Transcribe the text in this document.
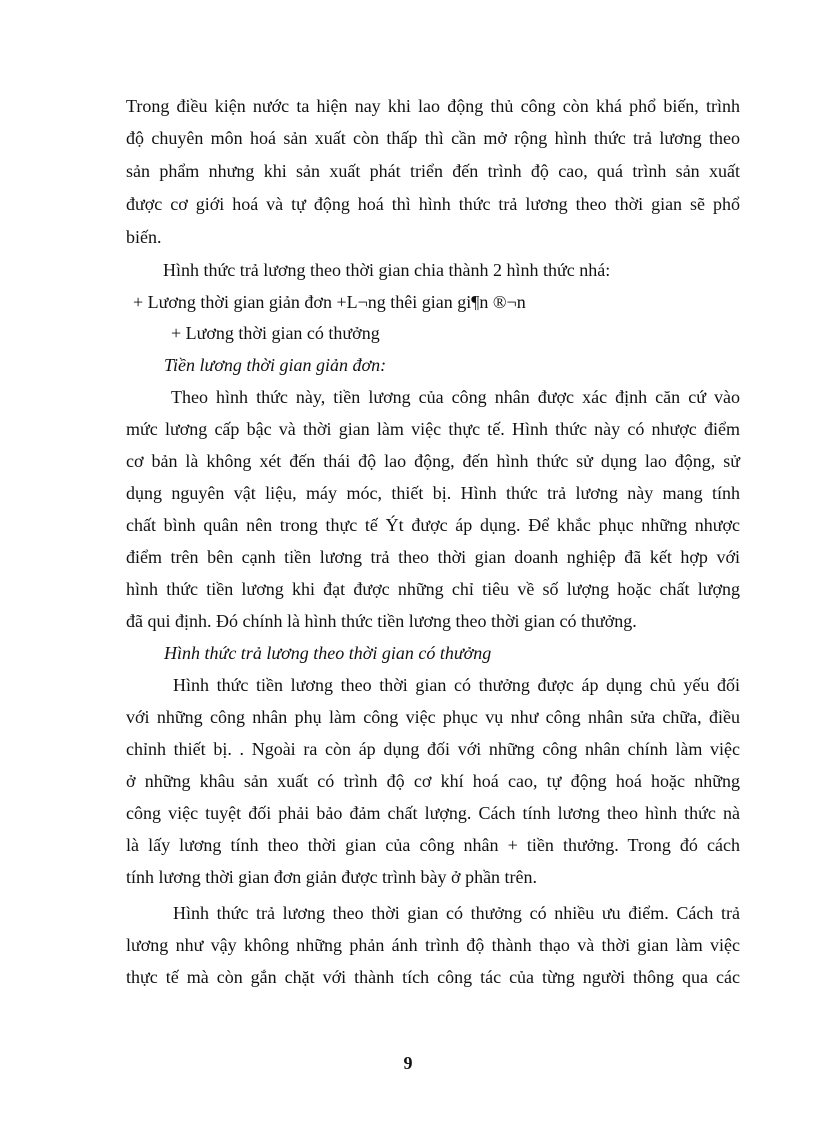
Trong điều kiện nước ta hiện nay khi lao động thủ công còn khá phổ biến, trình
độ chuyên môn hoá sản xuất còn thấp thì cần mở rộng hình thức trả lương theo
sản phẩm nhưng khi sản xuất phát triển đến trình độ cao, quá trình sản xuất
được cơ giới hoá và tự động hoá thì hình thức trả lương theo thời gian sẽ phổ
biến.
Hình thức trả lương theo thời gian chia thành 2 hình thức nhá:
+ Lương thời gian giản đơn +L¬ng thêi gian gi¶n ®¬n
+ Lương thời gian có thưởng
Tiền lương thời gian giản đơn:
Theo hình thức này, tiền lương của công nhân được xác định căn cứ vào
mức lương cấp bậc và thời gian làm việc thực tế. Hình thức này có nhược điểm
cơ bản là không xét đến thái độ lao động, đến hình thức sử dụng lao động, sử
dụng nguyên vật liệu, máy móc, thiết bị. Hình thức trả lương này mang tính
chất bình quân nên trong thực tế Ýt được áp dụng. Để khắc phục những nhược
điểm trên bên cạnh tiền lương trả theo thời gian doanh nghiệp đã kết hợp với
hình thức tiền lương khi đạt được những chỉ tiêu về số lượng hoặc chất lượng
đã qui định. Đó chính là hình thức tiền lương theo thời gian có thưởng.
Hình thức trả lương theo thời gian có thưởng
Hình thức tiền lương theo thời gian có thưởng được áp dụng chủ yếu đối
với những công nhân phụ làm công việc phục vụ như công nhân sửa chữa, điều
chỉnh thiết bị. . Ngoài ra còn áp dụng đối với những công nhân chính làm việc
ở những khâu sản xuất có trình độ cơ khí hoá cao, tự động hoá hoặc những
công việc tuyệt đối phải bảo đảm chất lượng. Cách tính lương theo hình thức nà
là lấy lương tính theo thời gian của công nhân + tiền thưởng. Trong đó cách
tính lương thời gian đơn giản được trình bày ở phần trên.
Hình thức trả lương theo thời gian có thưởng có nhiều ưu điểm. Cách trả
lương như vậy không những phản ánh trình độ thành thạo và thời gian làm việc
thực tế mà còn gắn chặt với thành tích công tác của từng người thông qua các
9
